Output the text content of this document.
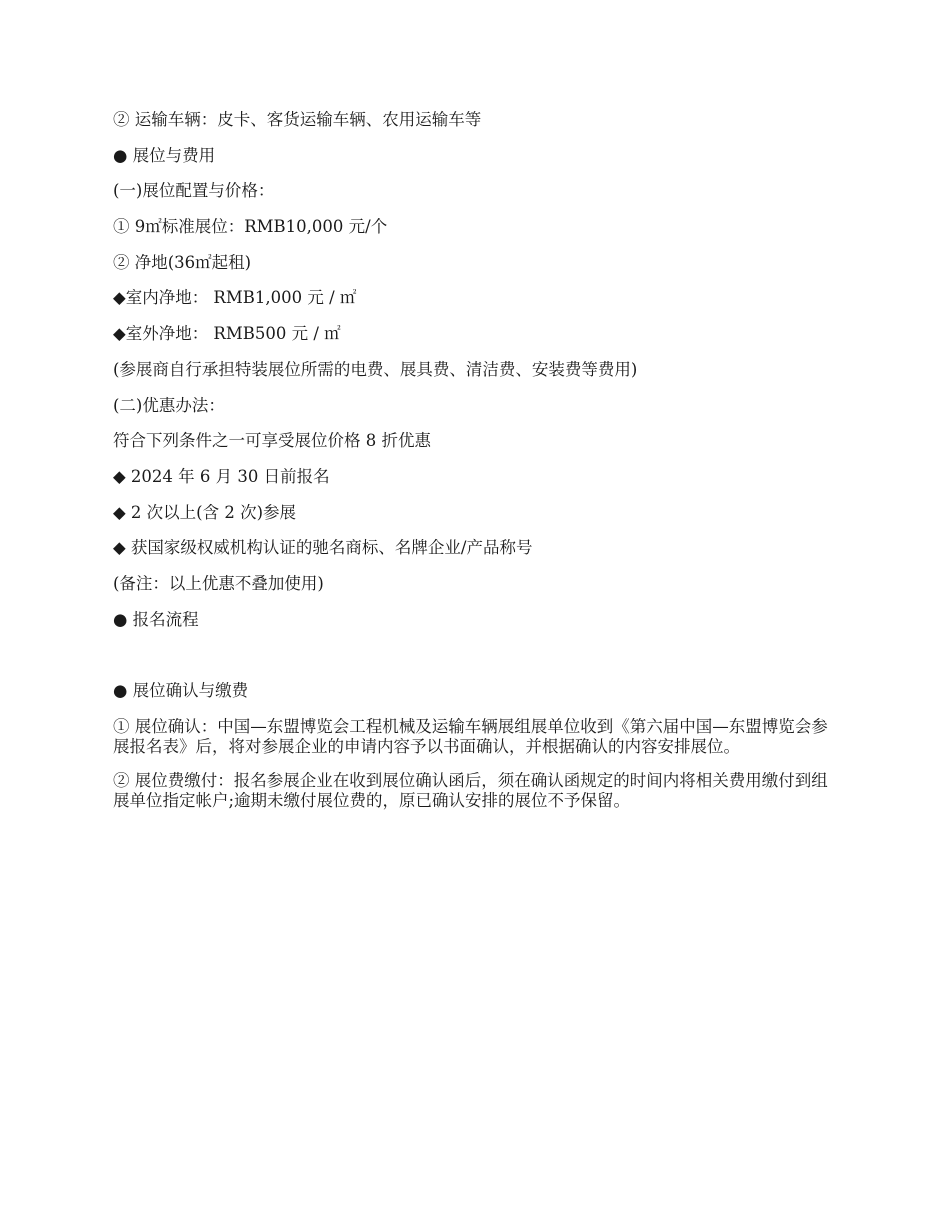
② 运输车辆：皮卡、客货运输车辆、农用运输车等

● 展位与费用

(一)展位配置与价格：

① 9㎡标准展位：RMB10,000 元/个

② 净地(36㎡起租)

◆室内净地： RMB1,000 元 / ㎡

◆室外净地： RMB500 元 / ㎡

(参展商自行承担特装展位所需的电费、展具费、清洁费、安装费等费用)

(二)优惠办法：

符合下列条件之一可享受展位价格 8 折优惠

◆ 2024 年 6 月 30 日前报名

◆ 2 次以上(含 2 次)参展

◆ 获国家级权威机构认证的驰名商标、名牌企业/产品称号

(备注：以上优惠不叠加使用)

● 报名流程

● 展位确认与缴费

① 展位确认：中国—东盟博览会工程机械及运输车辆展组展单位收到《第六届中国—东盟博览会参展报名表》后，将对参展企业的申请内容予以书面确认，并根据确认的内容安排展位。

② 展位费缴付：报名参展企业在收到展位确认函后，须在确认函规定的时间内将相关费用缴付到组展单位指定帐户;逾期未缴付展位费的，原已确认安排的展位不予保留。
